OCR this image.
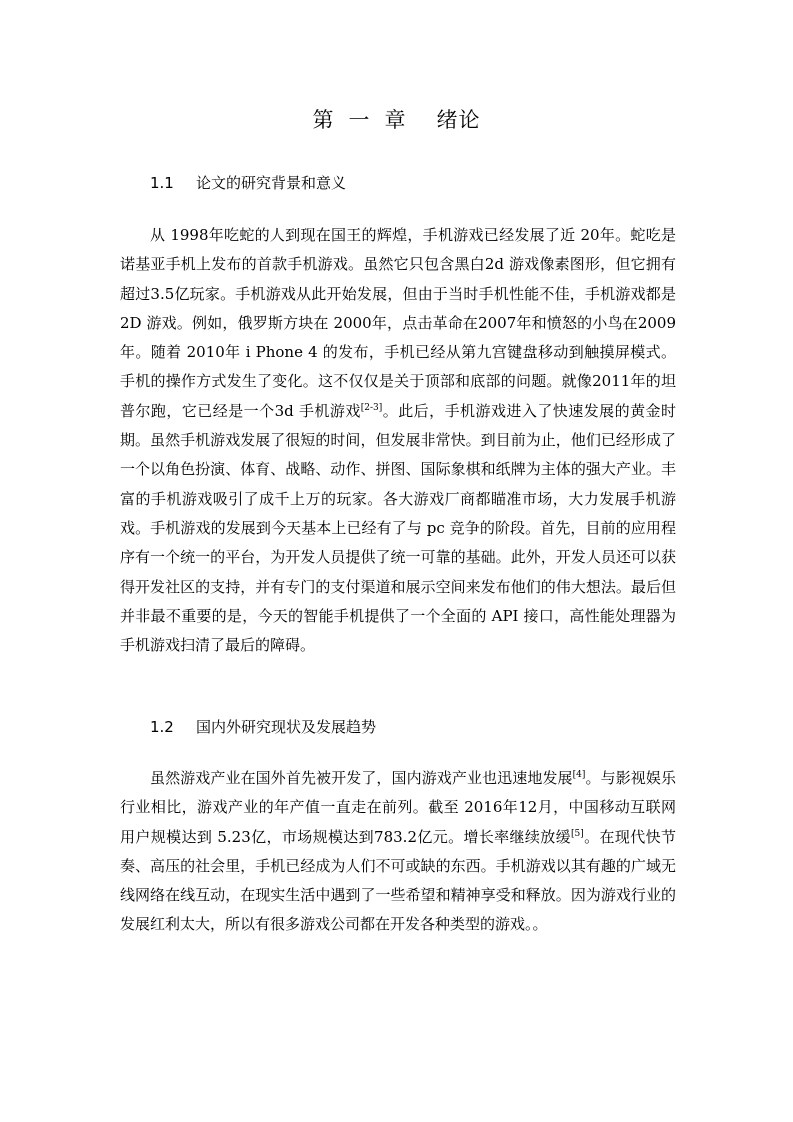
第 一 章 绪论
1.1 论文的研究背景和意义

从 1998年吃蛇的人到现在国王的辉煌，手机游戏已经发展了近 20年。蛇吃是诺基亚手机上发布的首款手机游戏。虽然它只包含黑白2d 游戏像素图形，但它拥有超过3.5亿玩家。手机游戏从此开始发展，但由于当时手机性能不佳，手机游戏都是2D 游戏。例如，俄罗斯方块在 2000年，点击革命在2007年和愤怒的小鸟在2009年。随着 2010年 i Phone 4 的发布，手机已经从第九宫键盘移动到触摸屏模式。手机的操作方式发生了变化。这不仅仅是关于顶部和底部的问题。就像2011年的坦普尔跑，它已经是一个3d 手机游戏[2-3]。此后，手机游戏进入了快速发展的黄金时期。虽然手机游戏发展了很短的时间，但发展非常快。到目前为止，他们已经形成了一个以角色扮演、体育、战略、动作、拼图、国际象棋和纸牌为主体的强大产业。丰富的手机游戏吸引了成千上万的玩家。各大游戏厂商都瞄准市场，大力发展手机游戏。手机游戏的发展到今天基本上已经有了与 pc 竞争的阶段。首先，目前的应用程序有一个统一的平台，为开发人员提供了统一可靠的基础。此外，开发人员还可以获得开发社区的支持，并有专门的支付渠道和展示空间来发布他们的伟大想法。最后但并非最不重要的是，今天的智能手机提供了一个全面的 API 接口，高性能处理器为手机游戏扫清了最后的障碍。

1.2 国内外研究现状及发展趋势

虽然游戏产业在国外首先被开发了，国内游戏产业也迅速地发展[4]。与影视娱乐行业相比，游戏产业的年产值一直走在前列。截至 2016年12月，中国移动互联网用户规模达到 5.23亿，市场规模达到783.2亿元。增长率继续放缓[5]。在现代快节奏、高压的社会里，手机已经成为人们不可或缺的东西。手机游戏以其有趣的广域无线网络在线互动，在现实生活中遇到了一些希望和精神享受和释放。因为游戏行业的发展红利太大，所以有很多游戏公司都在开发各种类型的游戏。。
